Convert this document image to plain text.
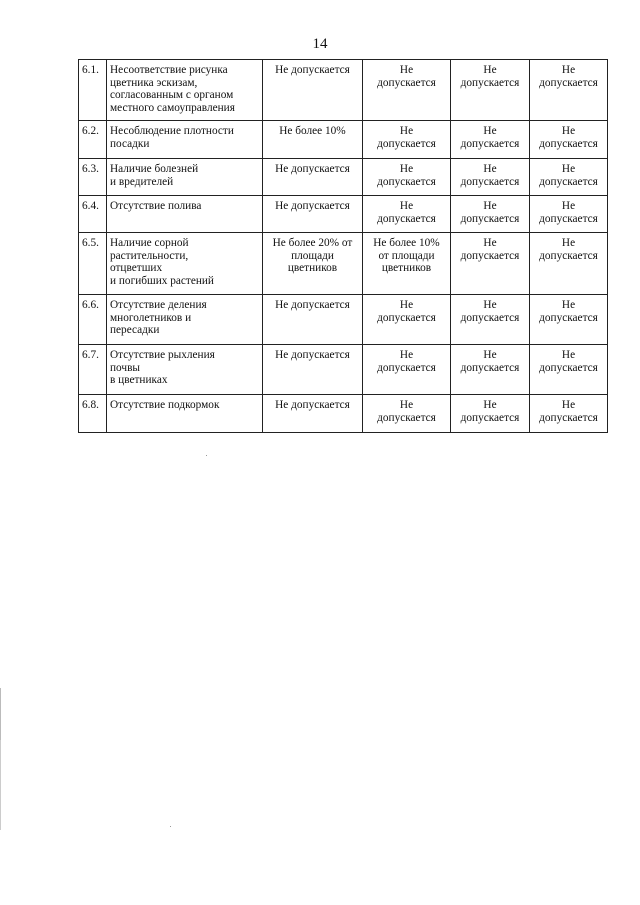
14
6.1.	Несоответствие рисунка
цветника эскизам,
согласованным с органом
местного самоуправления	Не допускается	Не
допускается	Не
допускается	Не
допускается
6.2.	Несоблюдение плотности
посадки	Не более 10%	Не
допускается	Не
допускается	Не
допускается
6.3.	Наличие болезней
и вредителей	Не допускается	Не
допускается	Не
допускается	Не
допускается
6.4.	Отсутствие полива	Не допускается	Не
допускается	Не
допускается	Не
допускается
6.5.	Наличие сорной
растительности,
отцветших
и погибших растений	Не более 20% от
площади
цветников	Не более 10%
от площади
цветников	Не
допускается	Не
допускается
6.6.	Отсутствие деления
многолетников и
пересадки	Не допускается	Не
допускается	Не
допускается	Не
допускается
6.7.	Отсутствие рыхления
почвы
в цветниках	Не допускается	Не
допускается	Не
допускается	Не
допускается
6.8.	Отсутствие подкормок	Не допускается	Не
допускается	Не
допускается	Не
допускается
